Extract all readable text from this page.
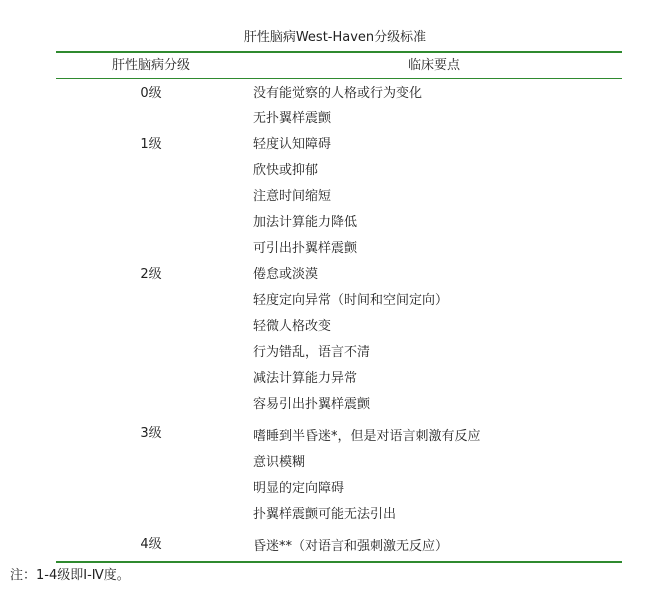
肝性脑病West-Haven分级标准
肝性脑病分级	临床要点
0级	没有能觉察的人格或行为变化
无扑翼样震颤
1级	轻度认知障碍
欣快或抑郁
注意时间缩短
加法计算能力降低
可引出扑翼样震颤
2级	倦怠或淡漠
轻度定向异常（时间和空间定向）
轻微人格改变
行为错乱，语言不清
减法计算能力异常
容易引出扑翼样震颤
3级	嗜睡到半昏迷*，但是对语言刺激有反应
意识模糊
明显的定向障碍
扑翼样震颤可能无法引出
4级	昏迷**（对语言和强刺激无反应）
注：1-4级即Ⅰ-Ⅳ度。
